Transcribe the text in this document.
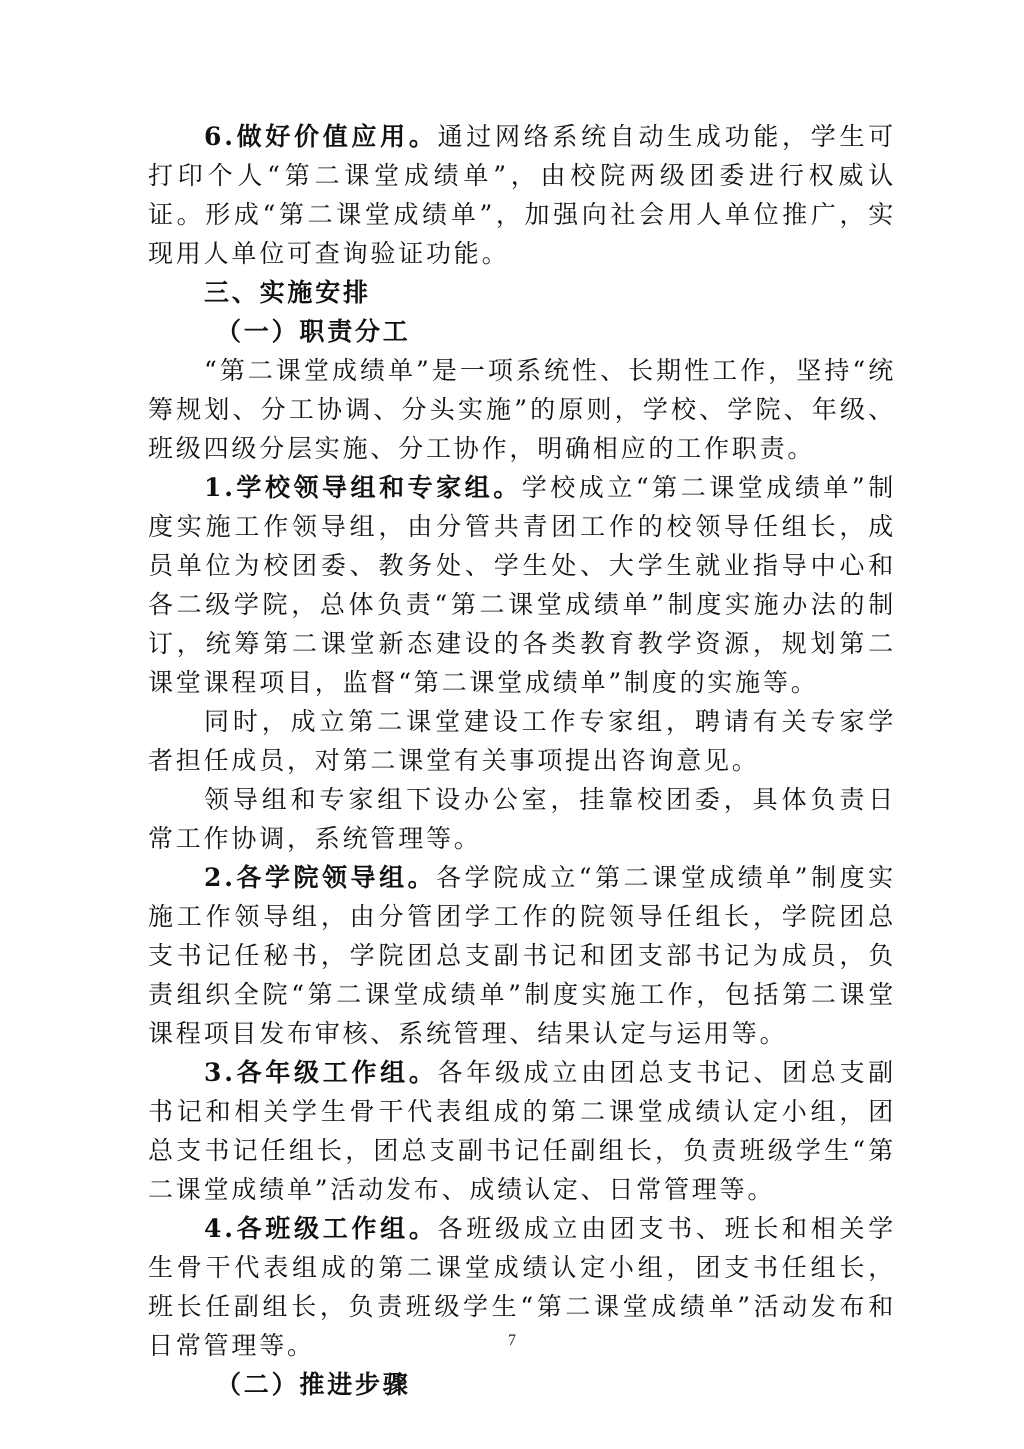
6.做好价值应用。通过网络系统自动生成功能，学生可打印个人“第二课堂成绩单”，由校院两级团委进行权威认证。形成“第二课堂成绩单”，加强向社会用人单位推广，实现用人单位可查询验证功能。

三、实施安排

（一）职责分工

“第二课堂成绩单”是一项系统性、长期性工作，坚持“统筹规划、分工协调、分头实施”的原则，学校、学院、年级、班级四级分层实施、分工协作，明确相应的工作职责。

1.学校领导组和专家组。学校成立“第二课堂成绩单”制度实施工作领导组，由分管共青团工作的校领导任组长，成员单位为校团委、教务处、学生处、大学生就业指导中心和各二级学院，总体负责“第二课堂成绩单”制度实施办法的制订，统筹第二课堂新态建设的各类教育教学资源，规划第二课堂课程项目，监督“第二课堂成绩单”制度的实施等。

同时，成立第二课堂建设工作专家组，聘请有关专家学者担任成员，对第二课堂有关事项提出咨询意见。

领导组和专家组下设办公室，挂靠校团委，具体负责日常工作协调，系统管理等。

2.各学院领导组。各学院成立“第二课堂成绩单”制度实施工作领导组，由分管团学工作的院领导任组长，学院团总支书记任秘书，学院团总支副书记和团支部书记为成员，负责组织全院“第二课堂成绩单”制度实施工作，包括第二课堂课程项目发布审核、系统管理、结果认定与运用等。

3.各年级工作组。各年级成立由团总支书记、团总支副书记和相关学生骨干代表组成的第二课堂成绩认定小组，团总支书记任组长，团总支副书记任副组长，负责班级学生“第二课堂成绩单”活动发布、成绩认定、日常管理等。

4.各班级工作组。各班级成立由团支书、班长和相关学生骨干代表组成的第二课堂成绩认定小组，团支书任组长，班长任副组长，负责班级学生“第二课堂成绩单”活动发布和日常管理等。

（二）推进步骤

7
